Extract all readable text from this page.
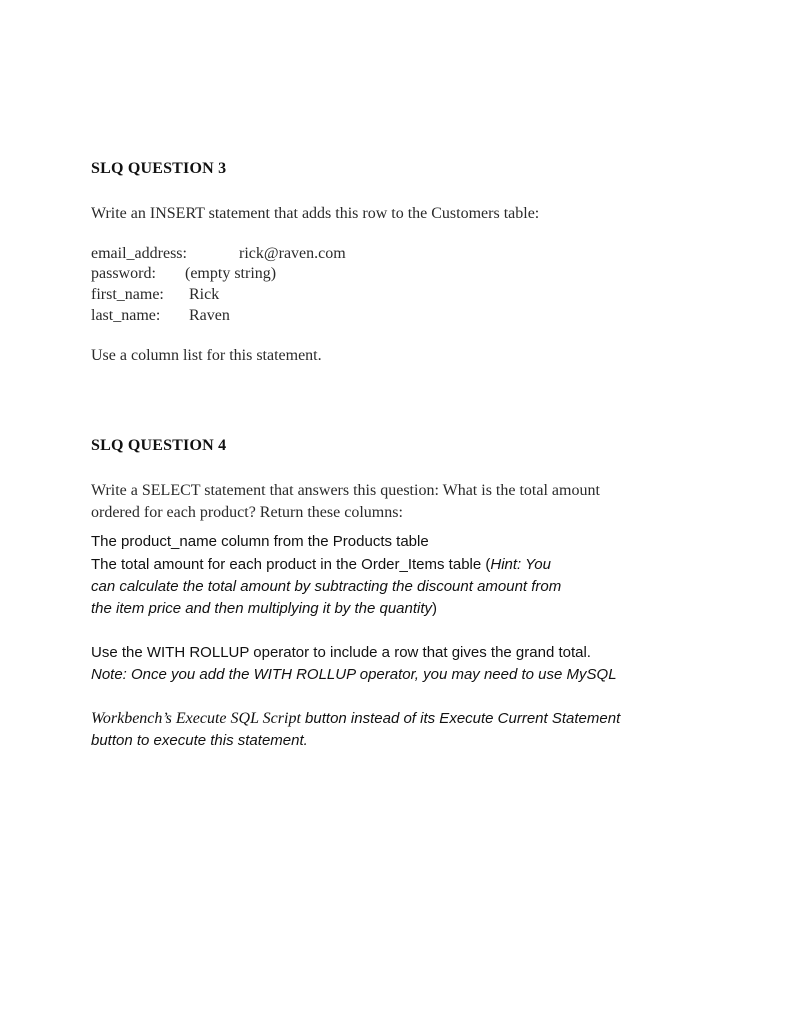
SLQ QUESTION 3
Write an INSERT statement that adds this row to the Customers table:
email_address:	rick@raven.com
password: (empty string)
first_name: Rick
last_name: Raven
Use a column list for this statement.
SLQ QUESTION 4
Write a SELECT statement that answers this question: What is the total amount
ordered for each product? Return these columns:
The product_name column from the Products table
The total amount for each product in the Order_Items table (Hint: You
can calculate the total amount by subtracting the discount amount from
the item price and then multiplying it by the quantity)
Use the WITH ROLLUP operator to include a row that gives the grand total.
Note: Once you add the WITH ROLLUP operator, you may need to use MySQL
Workbench’s Execute SQL Script button instead of its Execute Current Statement
button to execute this statement.
